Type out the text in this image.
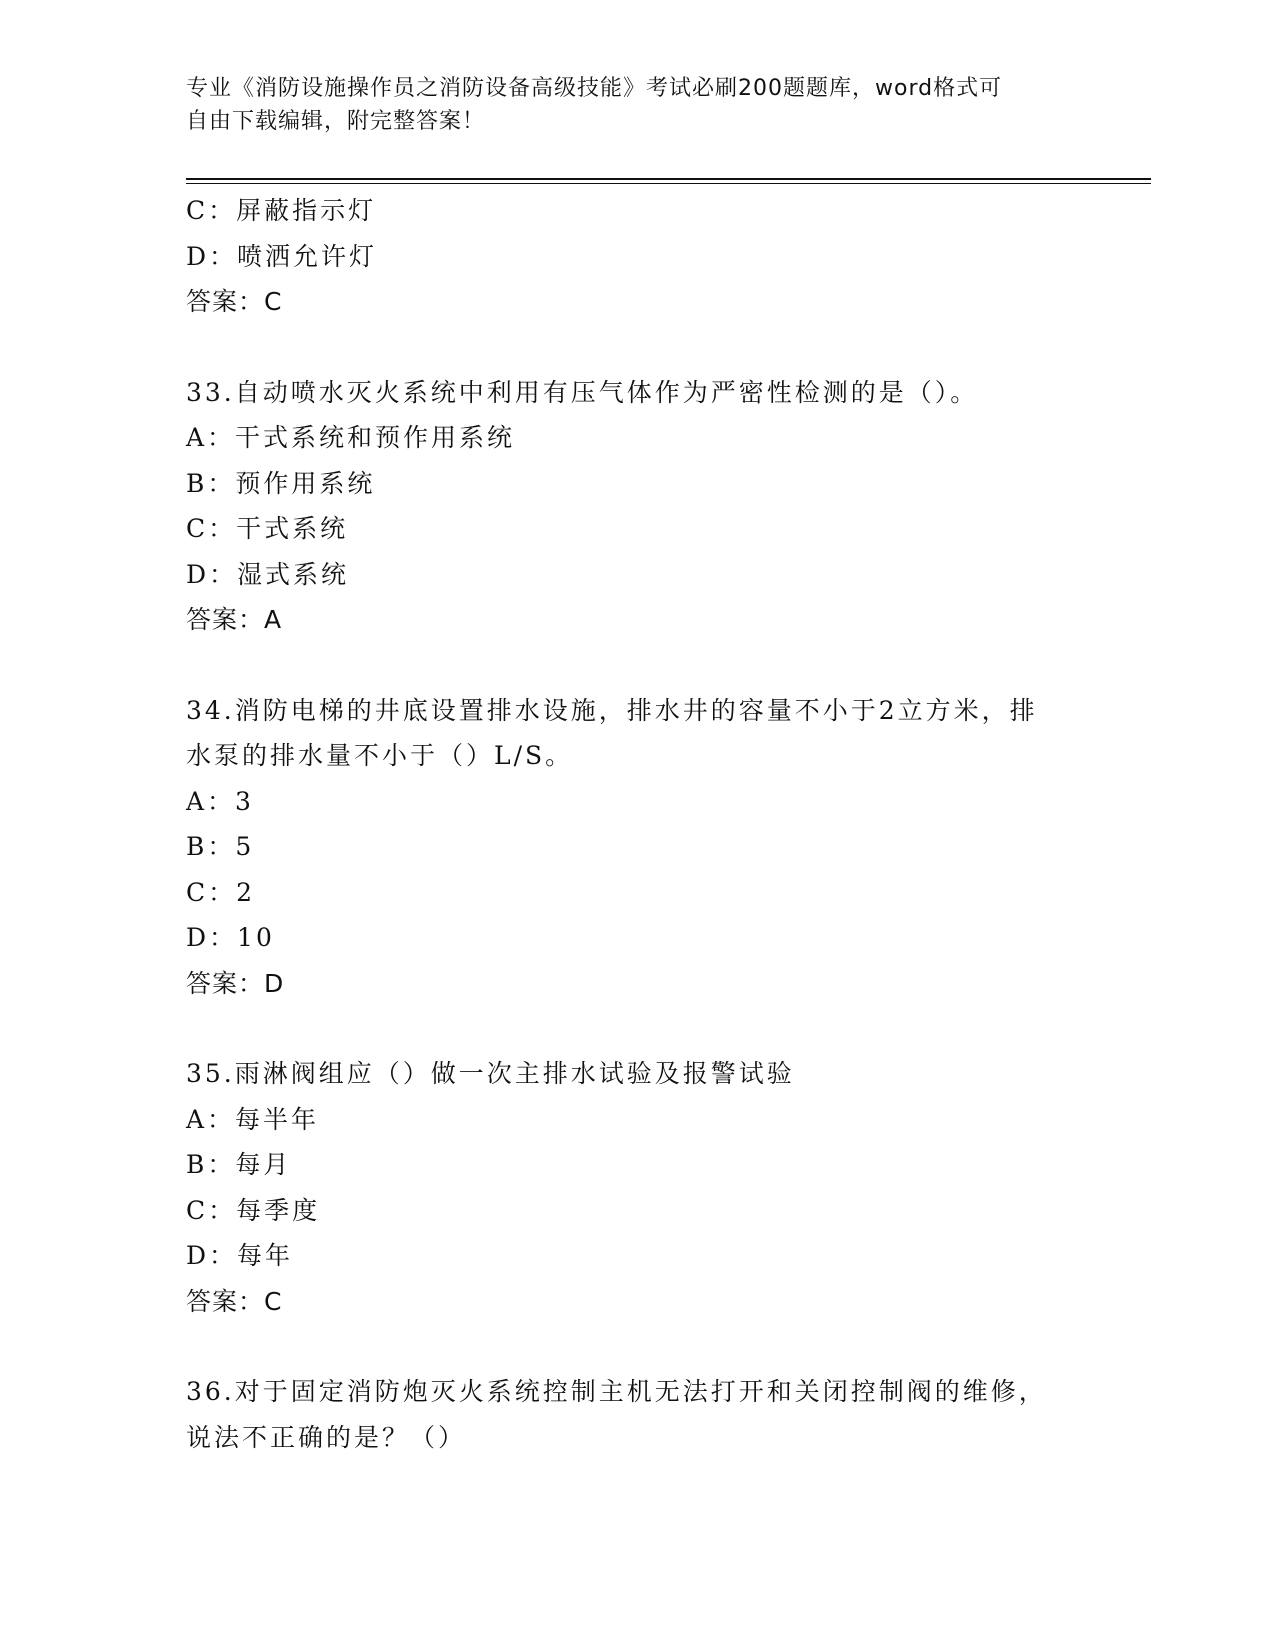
专业《消防设施操作员之消防设备高级技能》考试必刷200题题库，word格式可
自由下载编辑，附完整答案！
C：屏蔽指示灯
D：喷洒允许灯
答案：C
33.自动喷水灭火系统中利用有压气体作为严密性检测的是（）。
A：干式系统和预作用系统
B：预作用系统
C：干式系统
D：湿式系统
答案：A
34.消防电梯的井底设置排水设施，排水井的容量不小于2立方米，排
水泵的排水量不小于（）L/S。
A：3
B：5
C：2
D：10
答案：D
35.雨淋阀组应（）做一次主排水试验及报警试验
A：每半年
B：每月
C：每季度
D：每年
答案：C
36.对于固定消防炮灭火系统控制主机无法打开和关闭控制阀的维修，
说法不正确的是？（）
